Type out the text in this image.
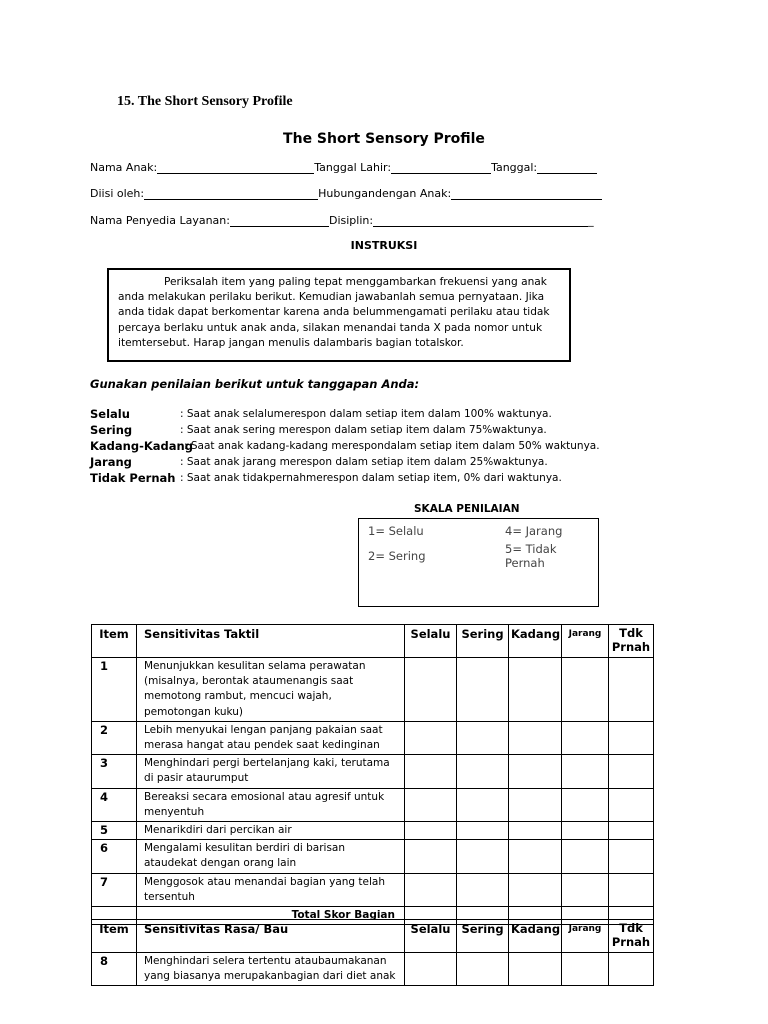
15. The Short Sensory Profile
The Short Sensory Profile
Nama Anak:	Tanggal Lahir:	Tanggal:
Diisi oleh:	Hubungandengan Anak:
Nama Penyedia Layanan:	Disiplin:	_
INSTRUKSI

Periksalah item yang paling tepat menggambarkan frekuensi yang anak anda melakukan perilaku berikut. Kemudian jawabanlah semua pernyataan. Jika anda tidak dapat berkomentar karena anda belummengamati perilaku atau tidak percaya berlaku untuk anak anda, silakan menandai tanda X pada nomor untuk itemtersebut. Harap jangan menulis dalambaris bagian totalskor.

Gunakan penilaian berikut untuk tanggapan Anda:
Selalu	: Saat anak selalumerespon dalam setiap item dalam 100% waktunya.
Sering	: Saat anak sering merespon dalam setiap item dalam 75%waktunya.
Kadang-Kadang
: Saat anak kadang-kadang merespondalam setiap item dalam 50% waktunya.
Jarang	: Saat anak jarang merespon dalam setiap item dalam 25%waktunya.
Tidak Pernah : Saat anak tidakpernahmerespon dalam setiap item, 0% dari waktunya.
SKALA PENILAIAN
1= Selalu	4= Jarang
2= Sering	5= Tidak Pernah
Item	Sensitivitas Taktil	Selalu	Sering	Kadang	Jarang	Tdk
Prnah
1	Menunjukkan kesulitan selama perawatan (misalnya, berontak ataumenangis saat memotong rambut, mencuci wajah, pemotongan kuku)					
2	Lebih menyukai lengan panjang pakaian saat merasa hangat atau pendek saat kedinginan					
3	Menghindari pergi bertelanjang kaki, terutama di pasir ataurumput					
4	Bereaksi secara emosional atau agresif untuk menyentuh					
5	Menarikdiri dari percikan air					
6	Mengalami kesulitan berdiri di barisan ataudekat dengan orang lain					
7	Menggosok atau menandai bagian yang telah tersentuh					
	Total Skor Bagian					
Item	Sensitivitas Rasa/ Bau	Selalu	Sering	Kadang	Jarang	Tdk
Prnah
8	Menghindari selera tertentu ataubaumakanan yang biasanya merupakanbagian dari diet anak					
